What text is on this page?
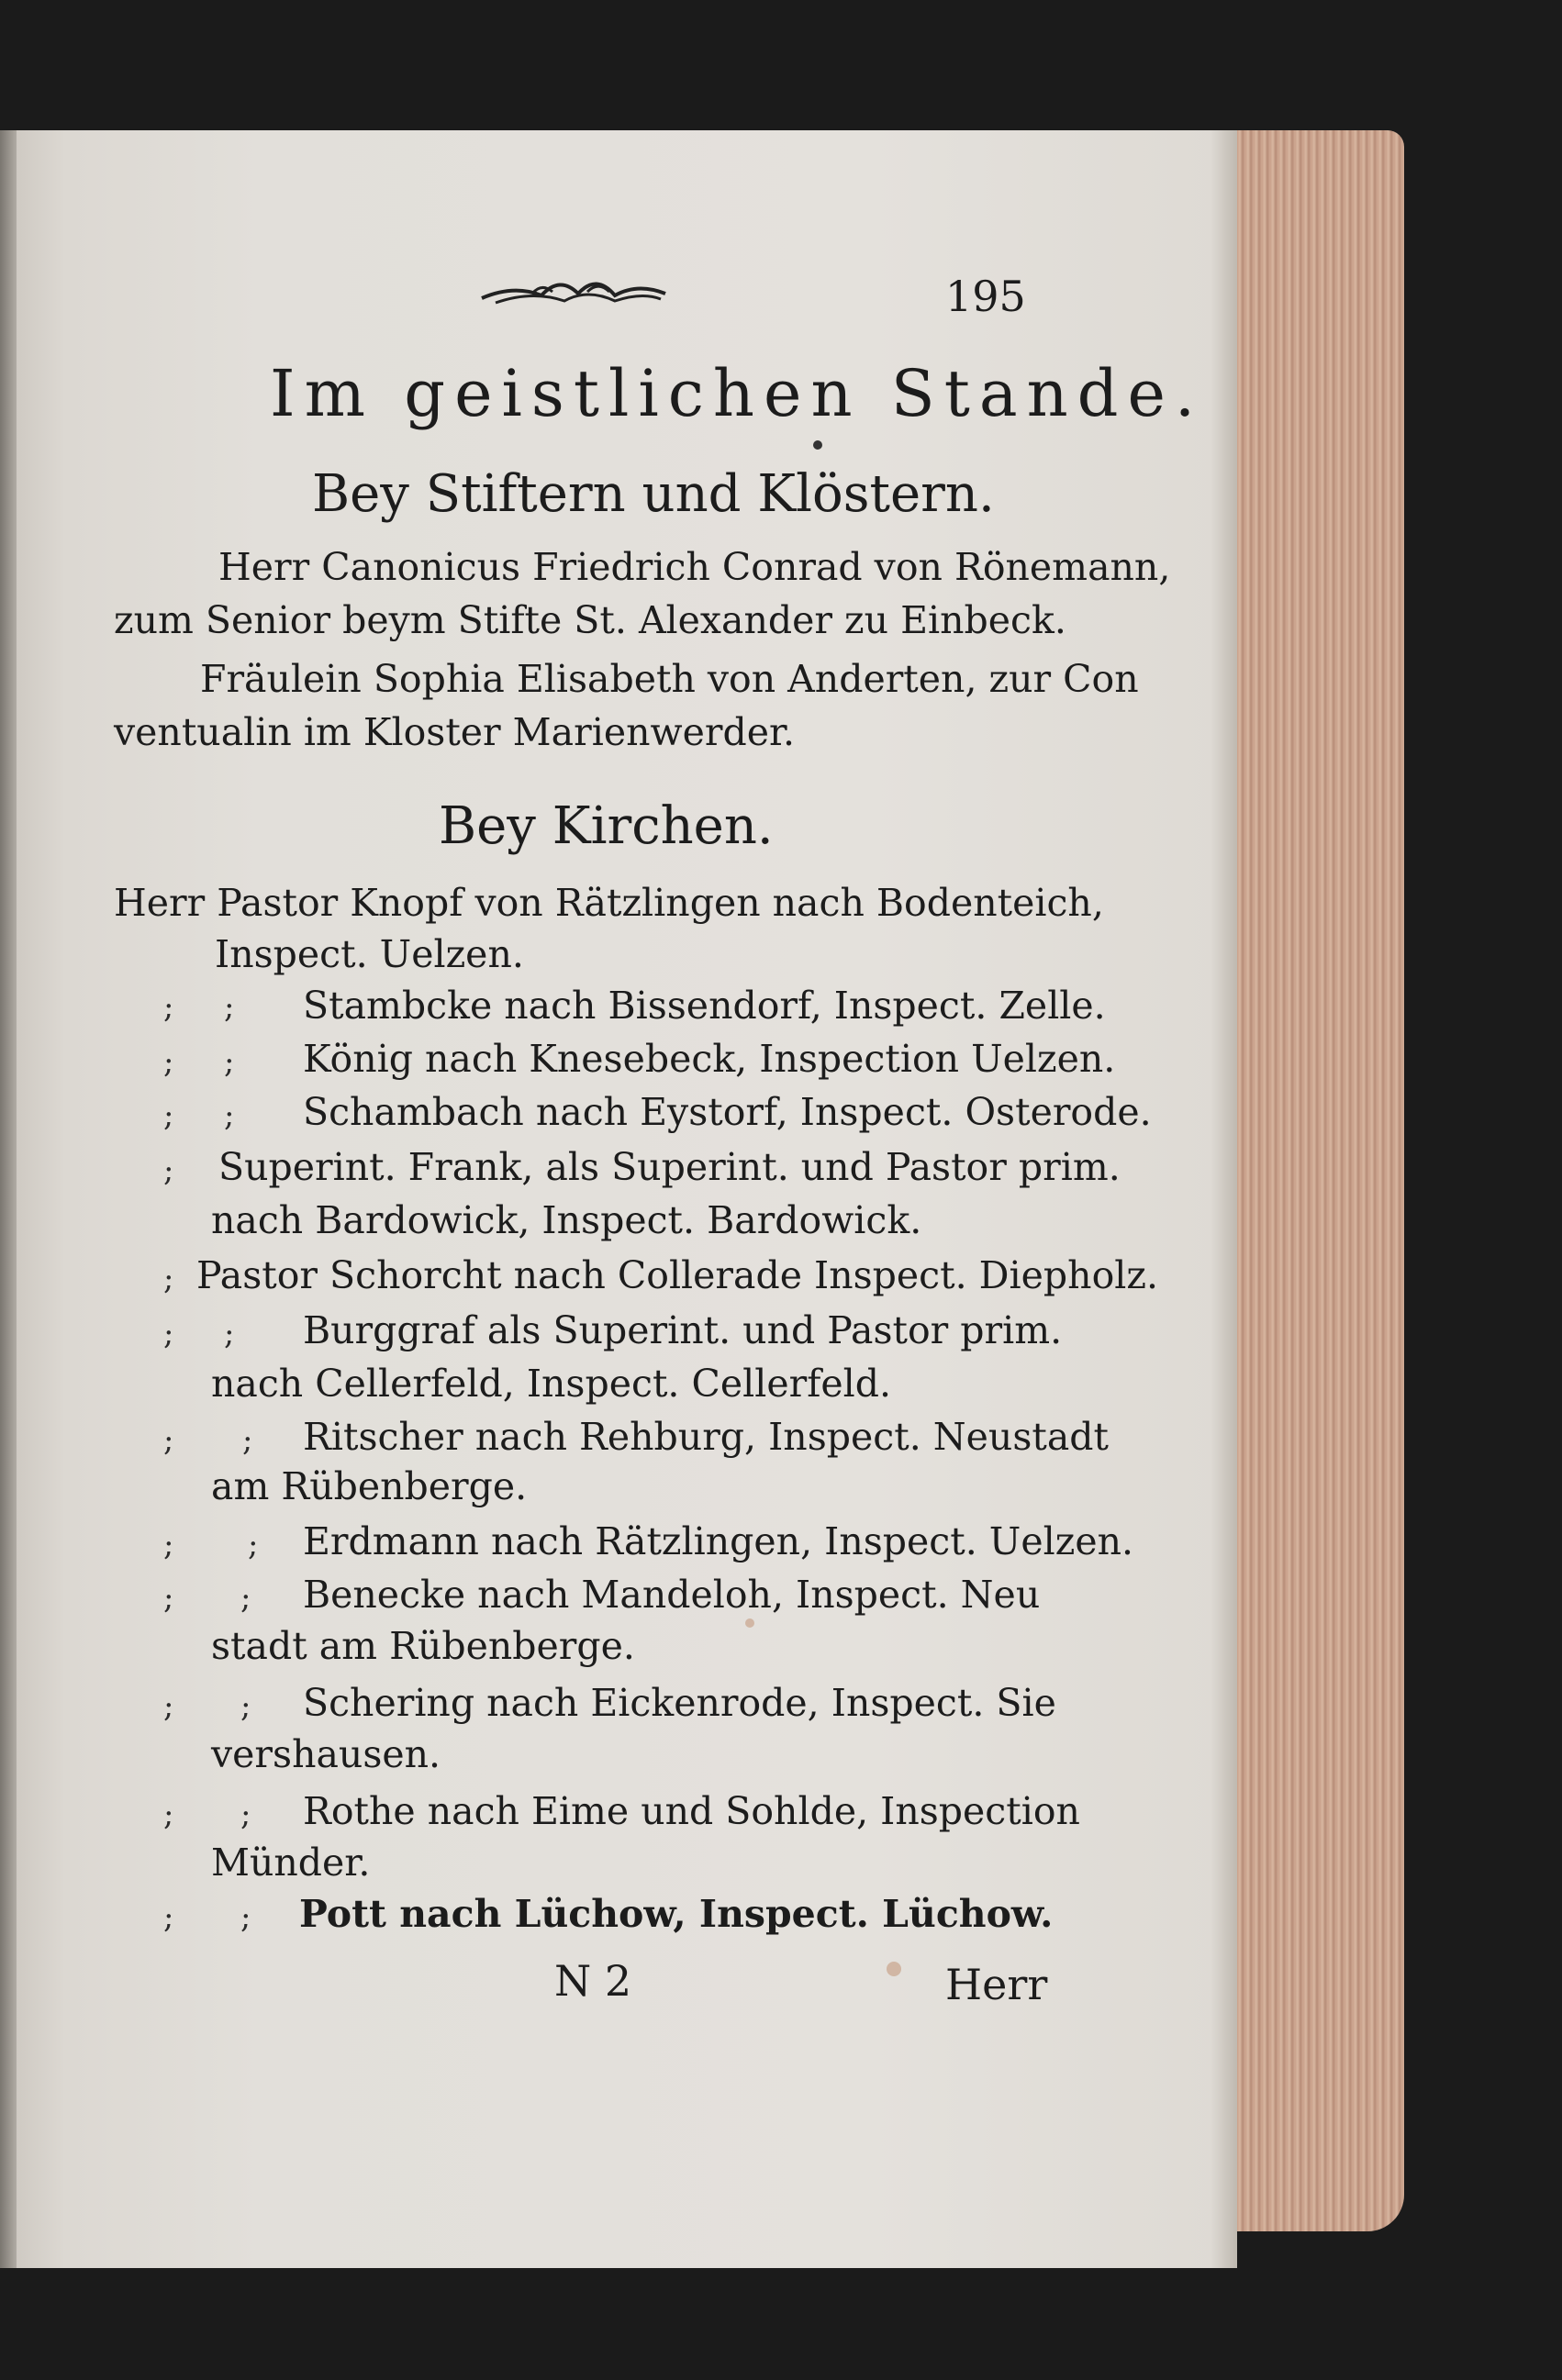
195
Im geistlichen Stande.
Bey Stiftern und Klöstern.
Herr Canonicus Friedrich Conrad von Rönemann,
zum Senior beym Stifte St. Alexander zu Einbeck.
Fräulein Sophia Elisabeth von Anderten, zur Con
ventualin im Kloster Marienwerder.
Bey Kirchen.
Herr Pastor Knopf von Rätzlingen nach Bodenteich,
Inspect. Uelzen.
; ; Stambcke nach Bissendorf, Inspect. Zelle.
; ; König nach Knesebeck, Inspection Uelzen.
; ; Schambach nach Eystorf, Inspect. Osterode.
; Superint. Frank, als Superint. und Pastor prim.
nach Bardowick, Inspect. Bardowick.
; Pastor Schorcht nach Collerade Inspect. Diepholz.
; ; Burggraf als Superint. und Pastor prim.
nach Cellerfeld, Inspect. Cellerfeld.
; ; Ritscher nach Rehburg, Inspect. Neustadt
am Rübenberge.
; ; Erdmann nach Rätzlingen, Inspect. Uelzen.
; ; Benecke nach Mandeloh, Inspect. Neu
stadt am Rübenberge.
; ; Schering nach Eickenrode, Inspect. Sie
vershausen.
; ; Rothe nach Eime und Sohlde, Inspection
Münder.
; ; Pott nach Lüchow, Inspect. Lüchow.
N 2	Herr
